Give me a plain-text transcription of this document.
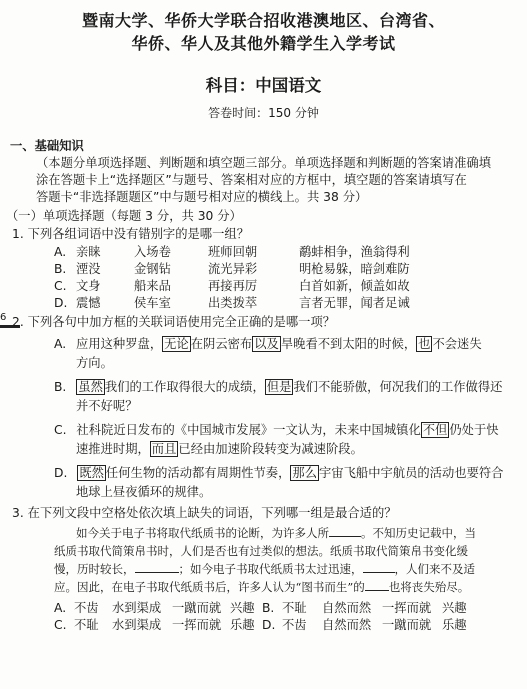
暨南大学、华侨大学联合招收港澳地区、台湾省、
华侨、华人及其他外籍学生入学考试
科目：中国语文
答卷时间：150 分钟
一、基础知识
（本题分单项选择题、判断题和填空题三部分。单项选择题和判断题的答案请准确填
涂在答题卡上“选择题区”与题号、答案相对应的方框中，填空题的答案请填写在
答题卡“非选择题题区”中与题号相对应的横线上。共 38 分）
（一）单项选择题（每题 3 分，共 30 分）
1. 下列各组词语中没有错别字的是哪一组？
A. 亲睐	入场卷	班师回朝	鹬蚌相争，渔翁得利
B. 湮没	金钢钻	流光异彩	明枪易躲，暗剑难防
C. 文身	船来品	再接再厉	白首如新，倾盖如故
D. 震憾	侯车室	出类拨萃	言者无罪，闻者足诫
6 2. 下列各句中加方框的关联词语使用完全正确的是哪一项？
A. 应用这种罗盘， 无论 在阴云密布 以及 旱晚看不到太阳的时候， 也 不会迷失
方向。
B. 虽然 我们的工作取得很大的成绩， 但是 我们不能骄傲，何况我们的工作做得还
并不好呢？
C. 社科院近日发布的《中国城市发展》一文认为，未来中国城镇化 不但 仍处于快
速推进时期， 而且 已经由加速阶段转变为减速阶段。
D. 既然 任何生物的活动都有周期性节奏， 那么 宇宙飞船中宇航员的活动也要符合
地球上昼夜循环的规律。
3. 在下列文段中空格处依次填上缺失的词语，下列哪一组是最合适的？
如今关于电子书将取代纸质书的论断，为许多人所	。不知历史记载中，当
纸质书取代简策帛书时，人们是否也有过类似的想法。纸质书取代简策帛书变化缓
慢，历时较长，	；如今电子书取代纸质书太过迅速，	，人们来不及适
应。因此，在电子书取代纸质书后，许多人认为“图书而生”的 也将丧失殆尽。
A. 不齿 水到渠成 一蹴而就 兴趣 B. 不耻 自然而然 一挥而就 兴趣
C. 不耻 水到渠成 一挥而就 乐趣 D. 不齿 自然而然 一蹴而就 乐趣
